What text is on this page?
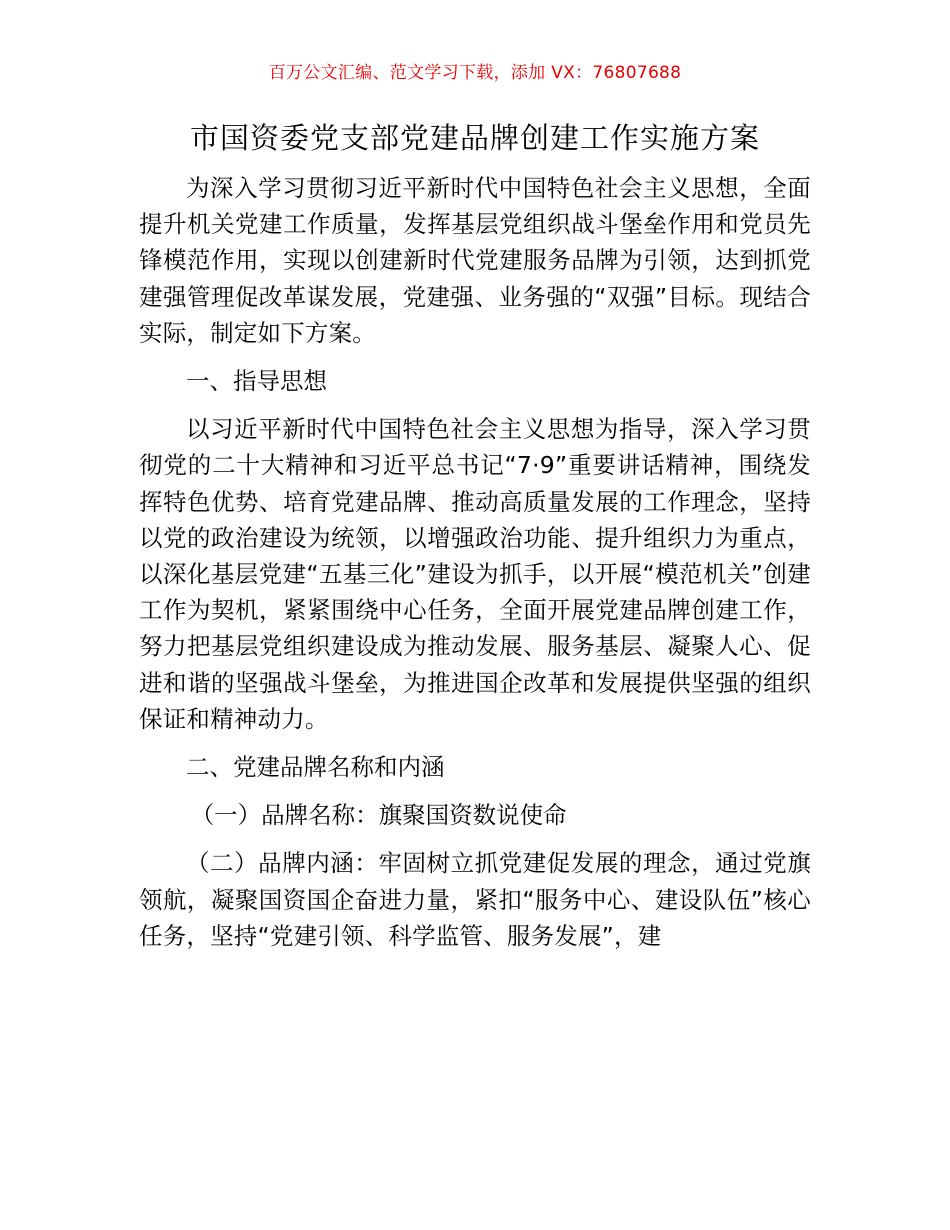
百万公文汇编、范文学习下载，添加 VX：76807688
市国资委党支部党建品牌创建工作实施方案

为深入学习贯彻习近平新时代中国特色社会主义思想，全面提升机关党建工作质量，发挥基层党组织战斗堡垒作用和党员先锋模范作用，实现以创建新时代党建服务品牌为引领，达到抓党建强管理促改革谋发展，党建强、业务强的“双强”目标。现结合实际，制定如下方案。

一、指导思想

以习近平新时代中国特色社会主义思想为指导，深入学习贯彻党的二十大精神和习近平总书记“7·9”重要讲话精神，围绕发挥特色优势、培育党建品牌、推动高质量发展的工作理念，坚持以党的政治建设为统领，以增强政治功能、提升组织力为重点，以深化基层党建“五基三化”建设为抓手，以开展“模范机关”创建工作为契机，紧紧围绕中心任务，全面开展党建品牌创建工作，努力把基层党组织建设成为推动发展、服务基层、凝聚人心、促进和谐的坚强战斗堡垒，为推进国企改革和发展提供坚强的组织保证和精神动力。

二、党建品牌名称和内涵

（一）品牌名称：旗聚国资数说使命

（二）品牌内涵：牢固树立抓党建促发展的理念，通过党旗领航，凝聚国资国企奋进力量，紧扣“服务中心、建设队伍”核心任务，坚持“党建引领、科学监管、服务发展”，建
